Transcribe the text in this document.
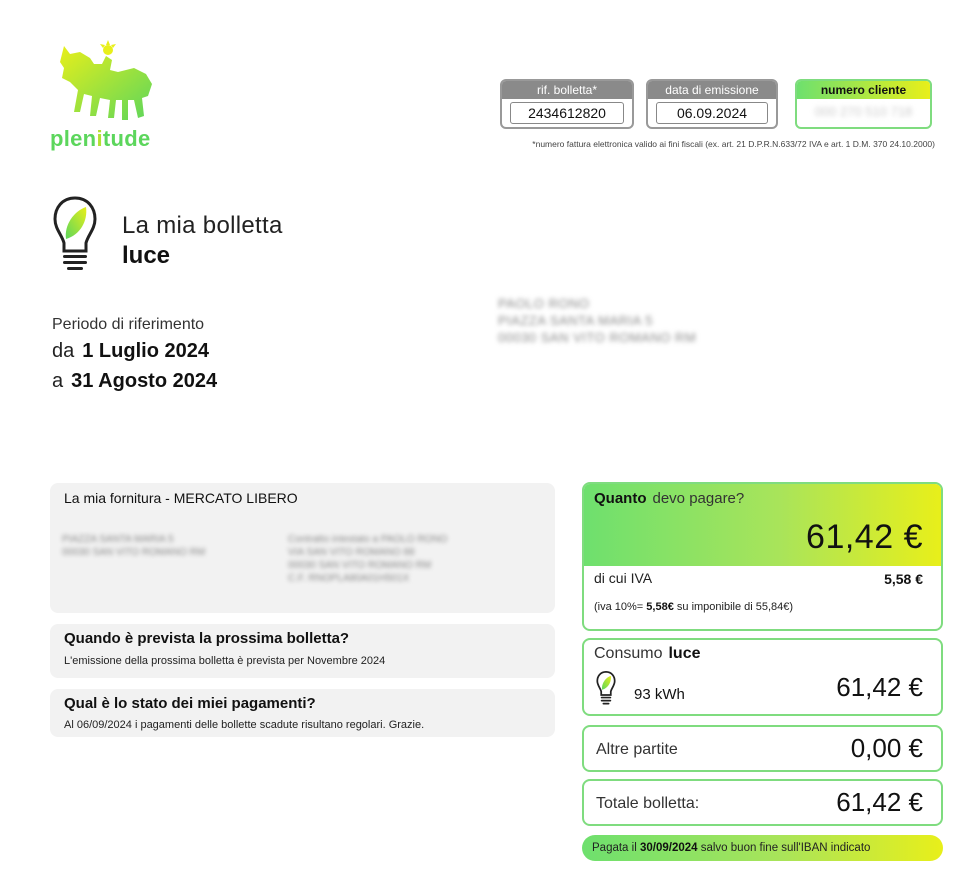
plenitude
rif. bolletta*
2434612820
data di emissione
06.09.2024
numero cliente
000 270 510 718
*numero fattura elettronica valido ai fini fiscali (ex. art. 21 D.P.R.N.633/72 IVA e art. 1 D.M. 370 24.10.2000)
La mia bolletta
luce
Periodo di riferimento
da 1 Luglio 2024
a 31 Agosto 2024
PAOLO RONO
PIAZZA SANTA MARIA 5
00030 SAN VITO ROMANO RM
La mia fornitura - MERCATO LIBERO
PIAZZA SANTA MARIA 5
00030 SAN VITO ROMANO RM
Contratto intestato a PAOLO RONO
VIA SAN VITO ROMANO 88
00030 SAN VITO ROMANO RM
C.F. RNOPLA80A01H501X
Quando è prevista la prossima bolletta?
L'emissione della prossima bolletta è prevista per Novembre 2024
Qual è lo stato dei miei pagamenti?
Al 06/09/2024 i pagamenti delle bollette scadute risultano regolari. Grazie.
Quanto devo pagare?
61,42 €
di cui IVA	5,58 €
(iva 10%= 5,58€ su imponibile di 55,84€)
Consumo luce
93 kWh	61,42 €
Altre partite	0,00 €
Totale bolletta:	61,42 €
Pagata il 30/09/2024 salvo buon fine sull'IBAN indicato
